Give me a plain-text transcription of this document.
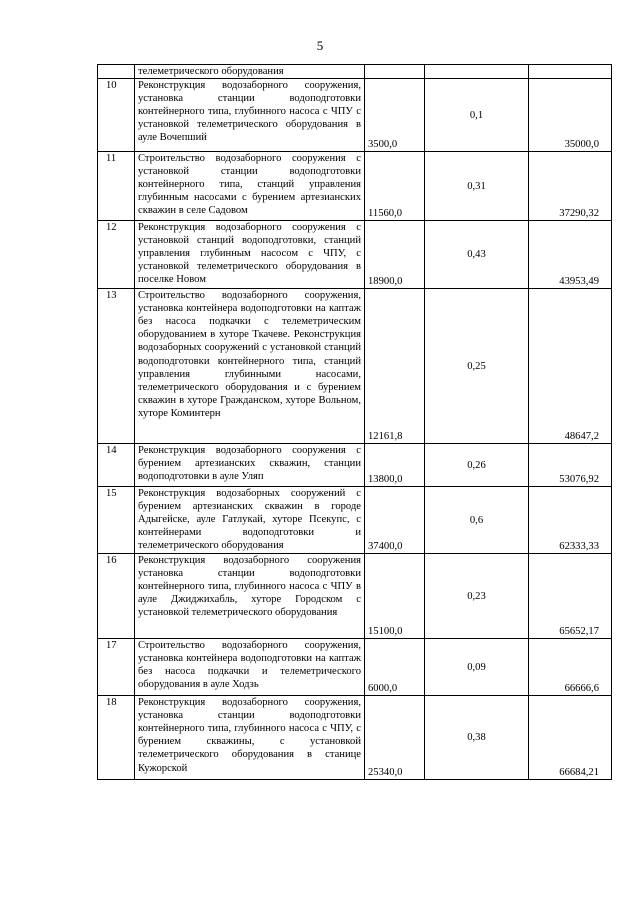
5
	телеметрического оборудования			
10	Реконструкция водозаборного сооружения, установка станции водоподготовки контейнерного типа, глубинного насоса с ЧПУ с установкой телеметрического оборудования в ауле Вочепший	3500,0	0,1	35000,0
11	Строительство водозаборного сооружения с установкой станции водоподготовки контейнерного типа, станций управления глубинным насосами с бурением артезианских скважин в селе Садовом	11560,0	0,31	37290,32
12	Реконструкция водозаборного сооружения с установкой станций водоподготовки, станций управления глубинным насосом с ЧПУ, с установкой телеметрического оборудования в поселке Новом	18900,0	0,43	43953,49
13	Строительство водозаборного сооружения, установка контейнера водоподготовки на каптаж без насоса подкачки с телеметрическим оборудованием в хуторе Ткачеве. Реконструкция водозаборных сооружений с установкой станций водоподготовки контейнерного типа, станций управления глубинными насосами, телеметрического оборудования и с бурением скважин в хуторе Гражданском, хуторе Вольном, хуторе Коминтерн	12161,8	0,25	48647,2
14	Реконструкция водозаборного сооружения с бурением артезианских скважин, станции водоподготовки в ауле Уляп	13800,0	0,26	53076,92
15	Реконструкция водозаборных сооружений с бурением артезианских скважин в городе Адыгейске, ауле Гатлукай, хуторе Псекупс, с контейнерами водоподготовки и телеметрического оборудования	37400,0	0,6	62333,33
16	Реконструкция водозаборного сооружения установка станции водоподготовки контейнерного типа, глубинного насоса с ЧПУ в ауле Джиджихабль, хуторе Городском с установкой телеметрического оборудования	15100,0	0,23	65652,17
17	Строительство водозаборного сооружения, установка контейнера водоподготовки на каптаж без насоса подкачки и телеметрического оборудования в ауле Ходзь	6000,0	0,09	66666,6
18	Реконструкция водозаборного сооружения, установка станции водоподготовки контейнерного типа, глубинного насоса с ЧПУ, с бурением скважины, с установкой телеметрического оборудования в станице Кужорской	25340,0	0,38	66684,21
